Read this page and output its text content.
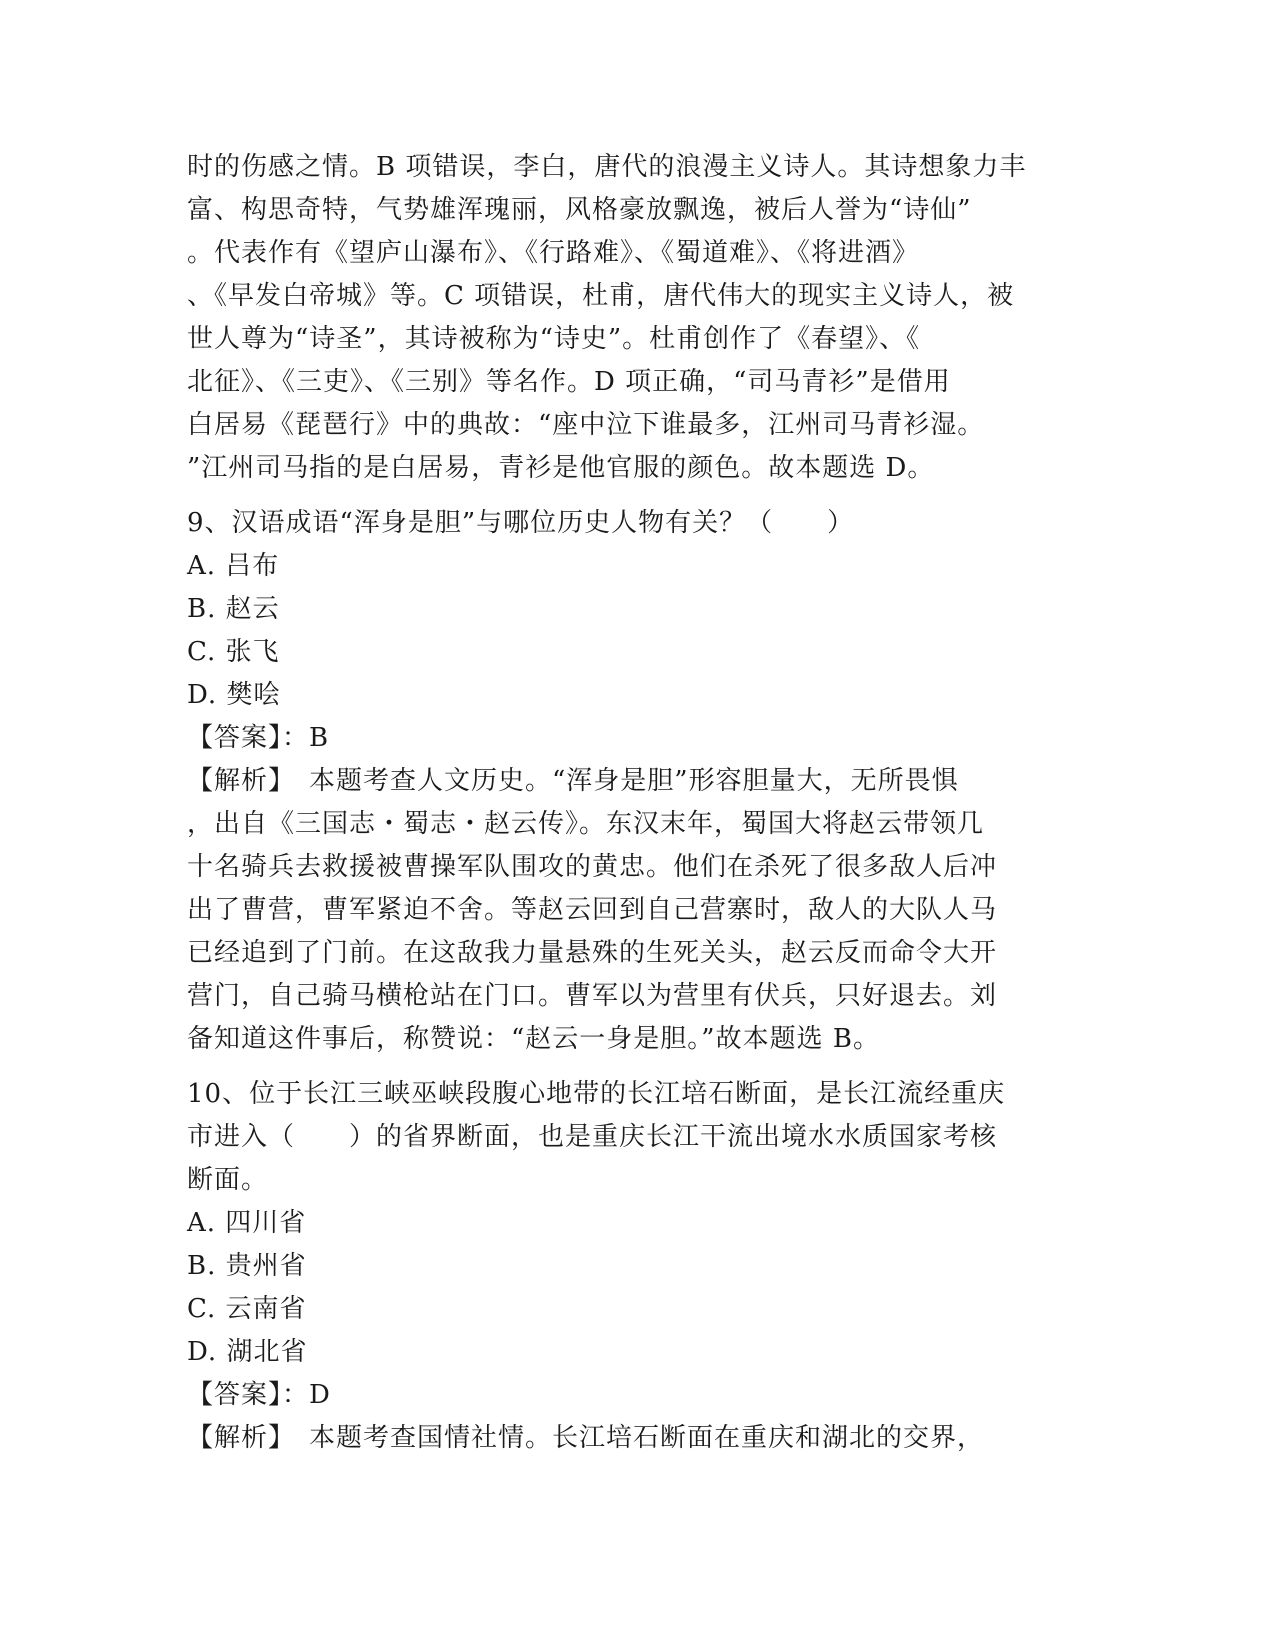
时的伤感之情。B 项错误，李白，唐代的浪漫主义诗人。其诗想象力丰
富、构思奇特，气势雄浑瑰丽，风格豪放飘逸，被后人誉为“诗仙”
。代表作有《望庐山瀑布》、《行路难》、《蜀道难》、《将进酒》
、《早发白帝城》等。C 项错误，杜甫，唐代伟大的现实主义诗人，被
世人尊为“诗圣”，其诗被称为“诗史”。杜甫创作了《春望》、《
北征》、《三吏》、《三别》等名作。D 项正确，“司马青衫”是借用
白居易《琵琶行》中的典故：“座中泣下谁最多，江州司马青衫湿。
”江州司马指的是白居易，青衫是他官服的颜色。故本题选 D。
9、汉语成语“浑身是胆”与哪位历史人物有关？（　　）
A. 吕布
B. 赵云
C. 张飞
D. 樊哙
【答案】：B
【解析】　本题考查人文历史。“浑身是胆”形容胆量大，无所畏惧
，出自《三国志・蜀志・赵云传》。东汉末年，蜀国大将赵云带领几
十名骑兵去救援被曹操军队围攻的黄忠。他们在杀死了很多敌人后冲
出了曹营，曹军紧迫不舍。等赵云回到自己营寨时，敌人的大队人马
已经追到了门前。在这敌我力量悬殊的生死关头，赵云反而命令大开
营门，自己骑马横枪站在门口。曹军以为营里有伏兵，只好退去。刘
备知道这件事后，称赞说：“赵云一身是胆。”故本题选 B。
10、位于长江三峡巫峡段腹心地带的长江培石断面，是长江流经重庆
市进入（　　）的省界断面，也是重庆长江干流出境水水质国家考核
断面。
A. 四川省
B. 贵州省
C. 云南省
D. 湖北省
【答案】：D
【解析】　本题考查国情社情。长江培石断面在重庆和湖北的交界，
